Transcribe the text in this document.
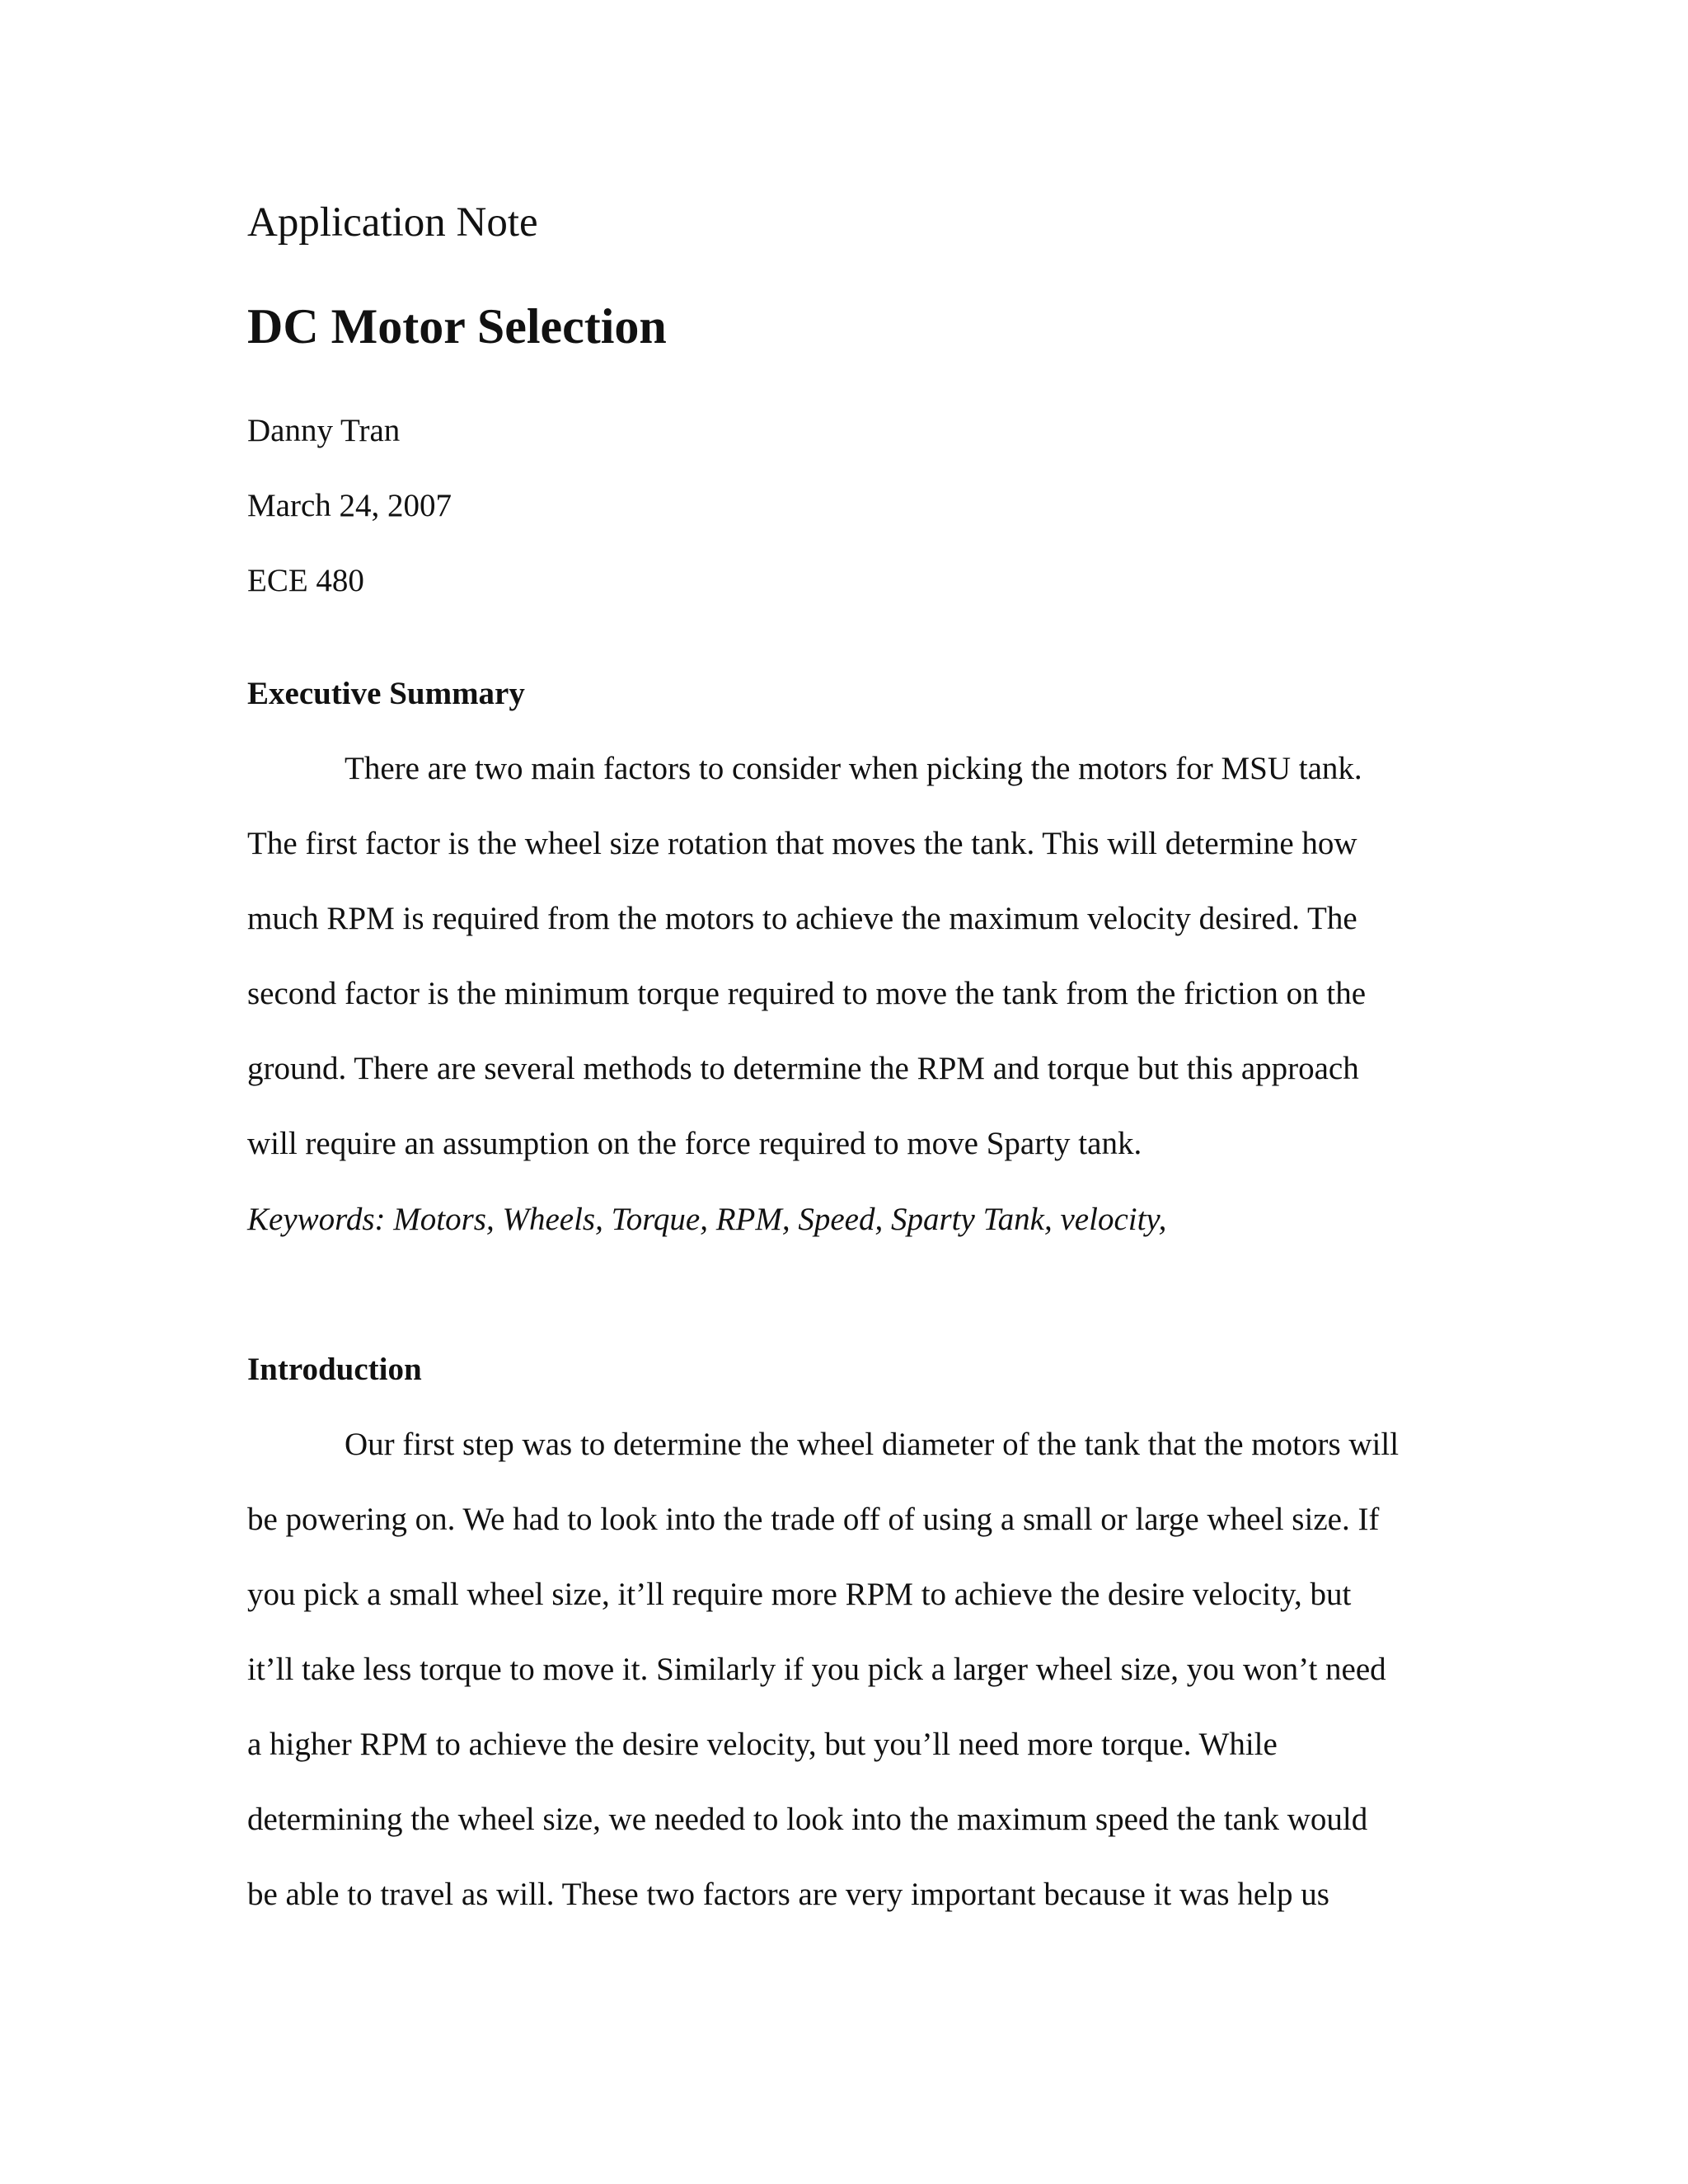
Application Note
DC Motor Selection
Danny Tran
March 24, 2007
ECE 480
Executive Summary
There are two main factors to consider when picking the motors for MSU tank.
The first factor is the wheel size rotation that moves the tank. This will determine how
much RPM is required from the motors to achieve the maximum velocity desired. The
second factor is the minimum torque required to move the tank from the friction on the
ground. There are several methods to determine the RPM and torque but this approach
will require an assumption on the force required to move Sparty tank.
Keywords: Motors, Wheels, Torque, RPM, Speed, Sparty Tank, velocity,
Introduction
Our first step was to determine the wheel diameter of the tank that the motors will
be powering on. We had to look into the trade off of using a small or large wheel size. If
you pick a small wheel size, it’ll require more RPM to achieve the desire velocity, but
it’ll take less torque to move it. Similarly if you pick a larger wheel size, you won’t need
a higher RPM to achieve the desire velocity, but you’ll need more torque. While
determining the wheel size, we needed to look into the maximum speed the tank would
be able to travel as will. These two factors are very important because it was help us
